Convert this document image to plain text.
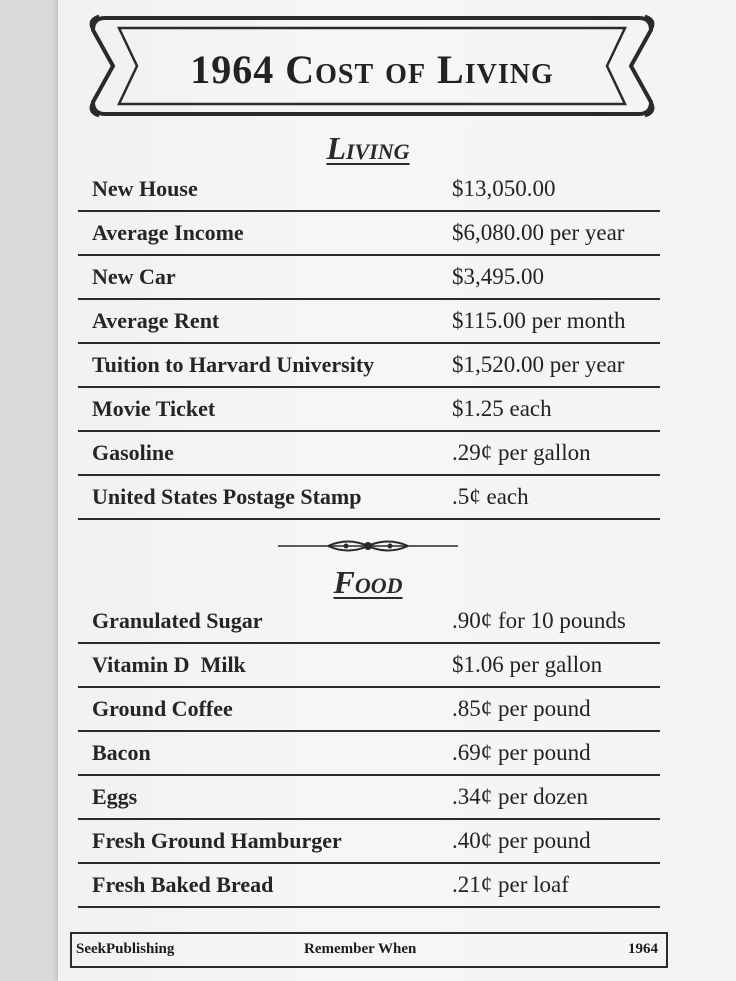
1964 Cost of Living
Living
New House	$13,050.00
Average Income	$6,080.00 per year
New Car	$3,495.00
Average Rent	$115.00 per month
Tuition to Harvard University	$1,520.00 per year
Movie Ticket	$1.25 each
Gasoline	.29¢ per gallon
United States Postage Stamp	.5¢ each
Food
Granulated Sugar	.90¢ for 10 pounds
Vitamin D  Milk	$1.06 per gallon
Ground Coffee	.85¢ per pound
Bacon	.69¢ per pound
Eggs	.34¢ per dozen
Fresh Ground Hamburger	.40¢ per pound
Fresh Baked Bread	.21¢ per loaf
SeekPublishing	Remember When	1964
